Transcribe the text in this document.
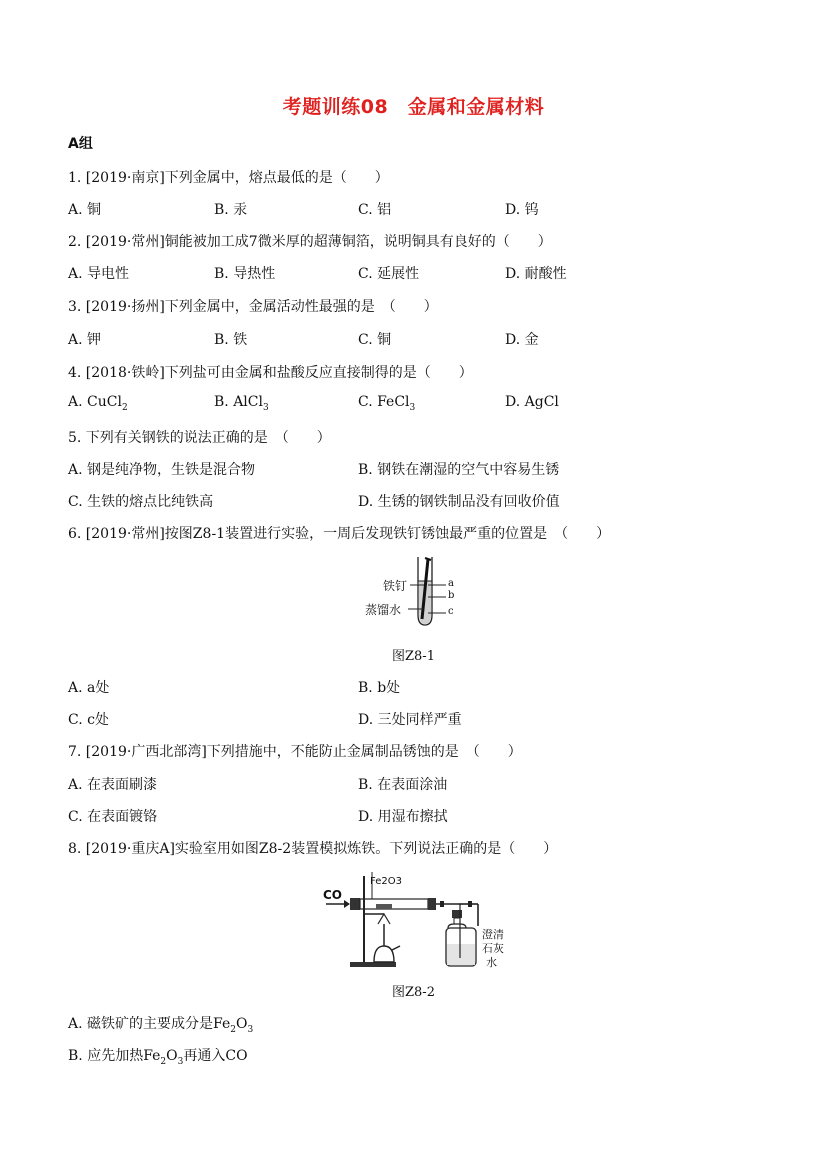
考题训练08　金属和金属材料
A组
1. [2019·南京]下列金属中，熔点最低的是（　　）
A. 铜	B. 汞	C. 铝	D. 钨
2. [2019·常州]铜能被加工成7微米厚的超薄铜箔，说明铜具有良好的（　　）
A. 导电性	B. 导热性	C. 延展性	D. 耐酸性
3. [2019·扬州]下列金属中，金属活动性最强的是　（　　）
A. 钾	B. 铁	C. 铜	D. 金
4. [2018·铁岭]下列盐可由金属和盐酸反应直接制得的是（　　）
A. CuCl$_2$	B. AlCl$_3$	C. FeCl$_3$	D. AgCl
5. 下列有关钢铁的说法正确的是　（　　）
A. 钢是纯净物，生铁是混合物	B. 钢铁在潮湿的空气中容易生锈
C. 生铁的熔点比纯铁高	D. 生锈的钢铁制品没有回收价值
6. [2019·常州]按图Z8-1装置进行实验，一周后发现铁钉锈蚀最严重的位置是　（　　）
铁钉
蒸馏水
a
b
c
图Z8-1
A. a处	B. b处
C. c处	D. 三处同样严重
7. [2019·广西北部湾]下列措施中，不能防止金属制品锈蚀的是　（　　）
A. 在表面刷漆	B. 在表面涂油
C. 在表面镀铬	D. 用湿布擦拭
8. [2019·重庆A]实验室用如图Z8-2装置模拟炼铁。下列说法正确的是（　　）
CO
Fe2O3
澄清
石灰
水
图Z8-2
A. 磁铁矿的主要成分是$Fe_2O_3$
B. 应先加热$Fe_2O_3$再通入CO
